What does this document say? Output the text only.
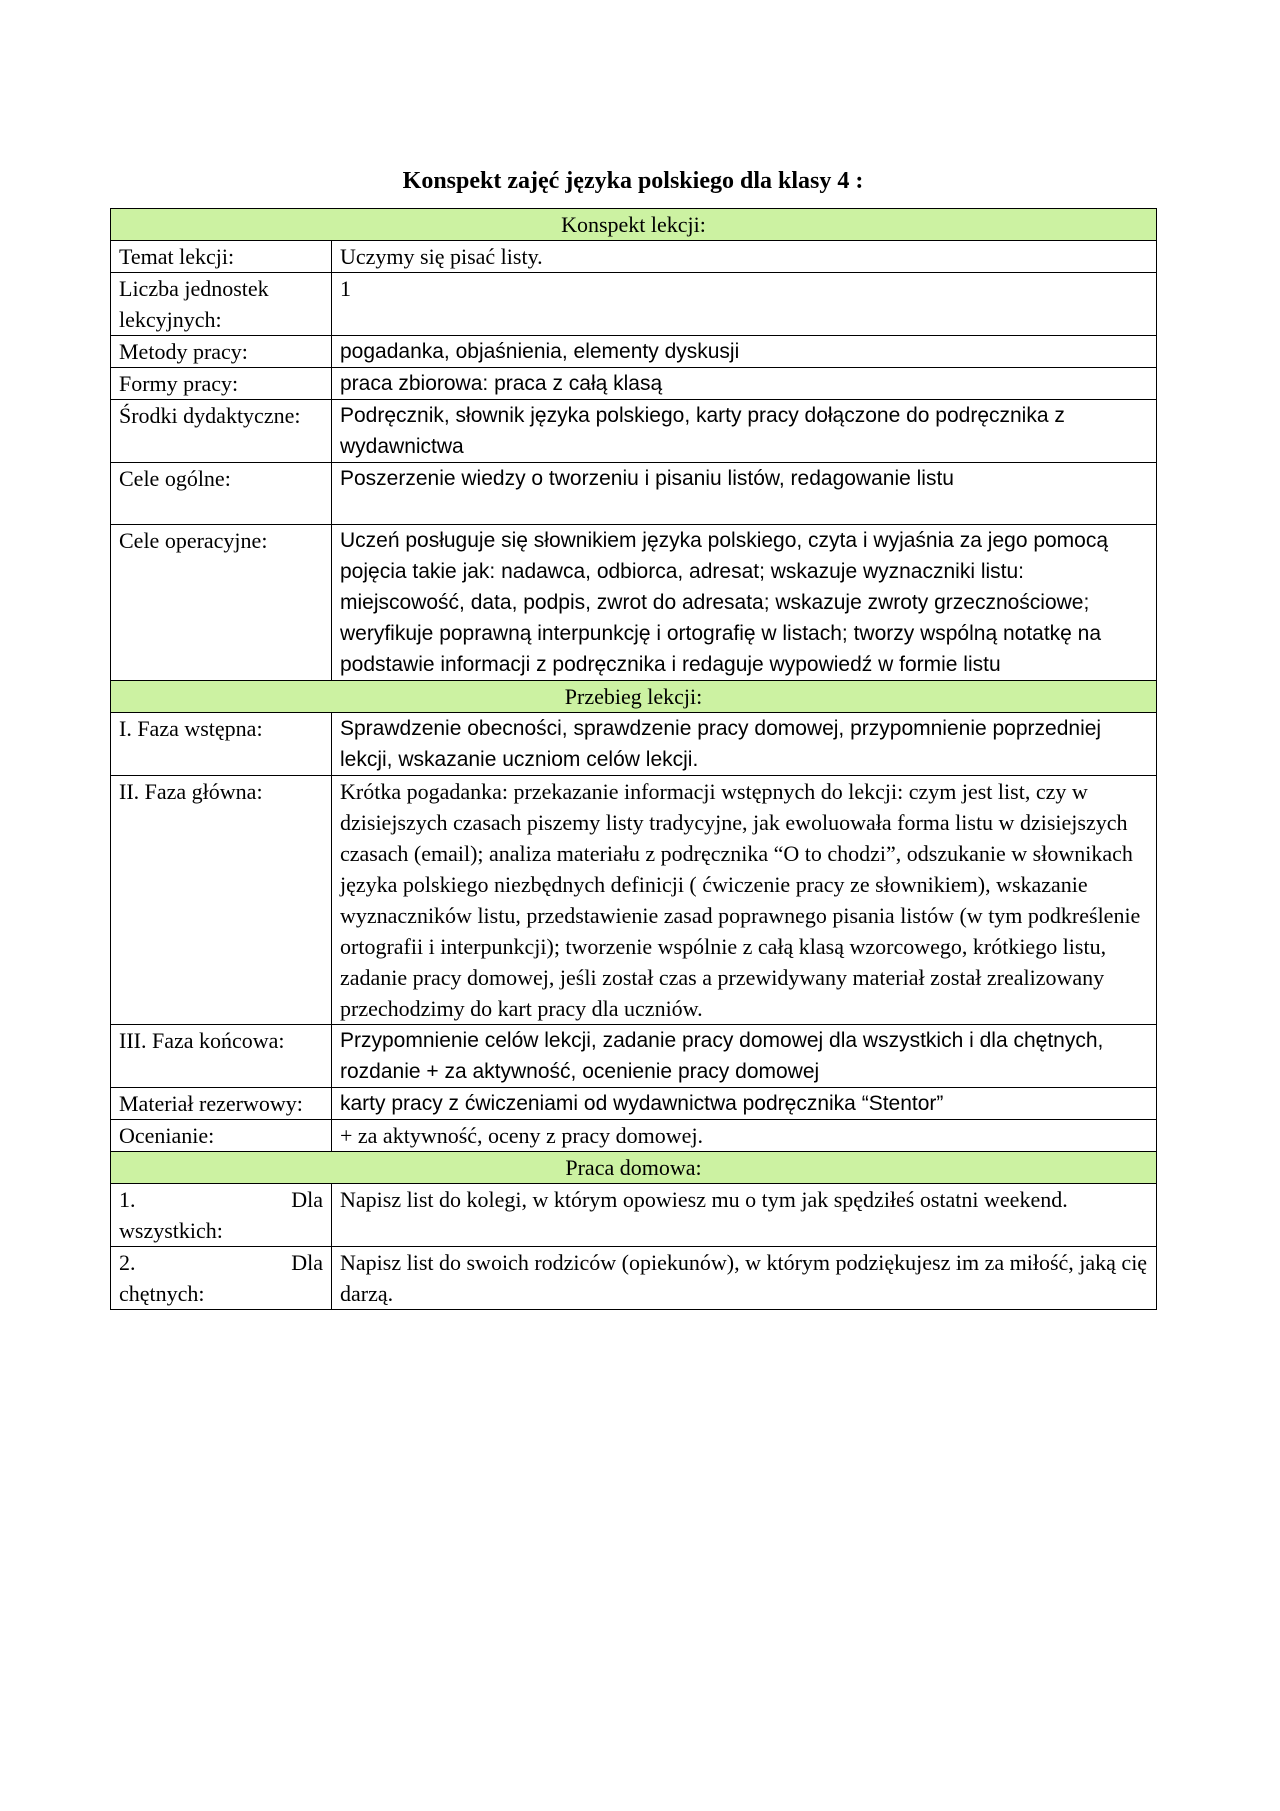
Konspekt zajęć języka polskiego dla klasy 4 :
Konspekt lekcji:	
Temat lekcji:	Uczymy się pisać listy.
Liczba jednostek lekcyjnych:	1
Metody pracy:	pogadanka, objaśnienia, elementy dyskusji
Formy pracy:	praca zbiorowa: praca z całą klasą
Środki dydaktyczne:	Podręcznik, słownik języka polskiego, karty pracy dołączone do podręcznika z wydawnictwa
Cele ogólne:	Poszerzenie wiedzy o tworzeniu i pisaniu listów, redagowanie listu
Cele operacyjne:	Uczeń posługuje się słownikiem języka polskiego, czyta i wyjaśnia za jego pomocą pojęcia takie jak: nadawca, odbiorca, adresat; wskazuje wyznaczniki listu: miejscowość, data, podpis, zwrot do adresata; wskazuje zwroty grzecznościowe; weryfikuje poprawną interpunkcję i ortografię w listach; tworzy wspólną notatkę na podstawie informacji z podręcznika i redaguje wypowiedź w formie listu
Przebieg lekcji:	
I. Faza wstępna:	Sprawdzenie obecności, sprawdzenie pracy domowej, przypomnienie poprzedniej lekcji, wskazanie uczniom celów lekcji.
II. Faza główna:	Krótka pogadanka: przekazanie informacji wstępnych do lekcji: czym jest list, czy w dzisiejszych czasach piszemy listy tradycyjne, jak ewoluowała forma listu w dzisiejszych czasach (email); analiza materiału z podręcznika “O to chodzi”, odszukanie w słownikach języka polskiego niezbędnych definicji ( ćwiczenie pracy ze słownikiem), wskazanie wyznaczników listu, przedstawienie zasad poprawnego pisania listów (w tym podkreślenie ortografii i interpunkcji); tworzenie wspólnie z całą klasą wzorcowego, krótkiego listu, zadanie pracy domowej, jeśli został czas a przewidywany materiał został zrealizowany przechodzimy do kart pracy dla uczniów.
III. Faza końcowa:	Przypomnienie celów lekcji, zadanie pracy domowej dla wszystkich i dla chętnych, rozdanie + za aktywność, ocenienie pracy domowej
Materiał rezerwowy:	karty pracy z ćwiczeniami od wydawnictwa podręcznika “Stentor”
Ocenianie:	+ za aktywność, oceny z pracy domowej.
Praca domowa:	

1. Dla
wszystkich:	Napisz list do kolegi, w którym opowiesz mu o tym jak spędziłeś ostatni weekend.

2. Dla
chętnych:	Napisz list do swoich rodziców (opiekunów), w którym podziękujesz im za miłość, jaką cię darzą.
